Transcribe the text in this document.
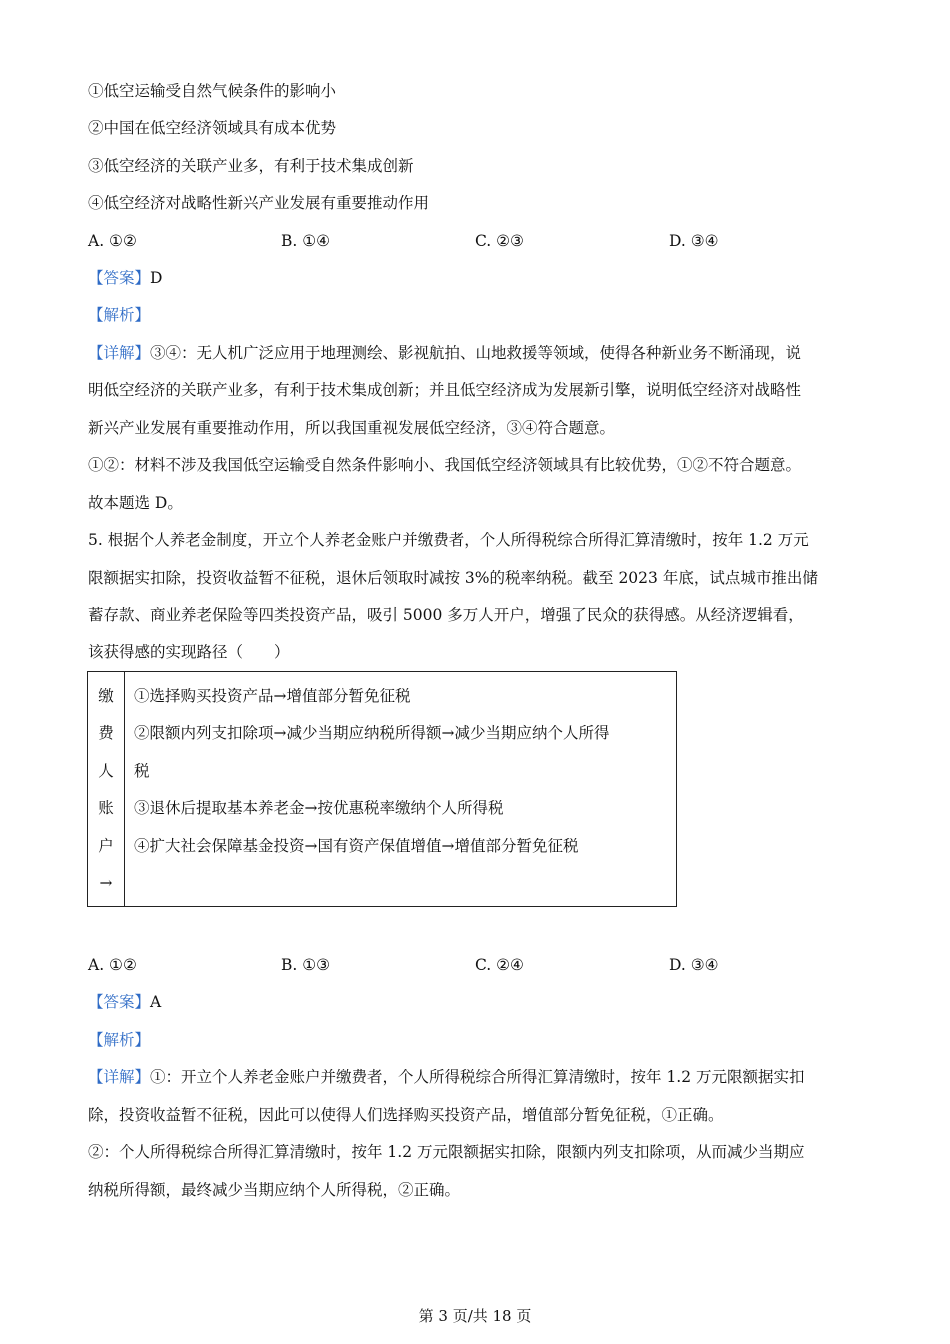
①低空运输受自然气候条件的影响小
②中国在低空经济领域具有成本优势
③低空经济的关联产业多，有利于技术集成创新
④低空经济对战略性新兴产业发展有重要推动作用
A. ①②	B. ①④	C. ②③	D. ③④
【答案】D
【解析】
【详解】③④：无人机广泛应用于地理测绘、影视航拍、山地救援等领域，使得各种新业务不断涌现，说
明低空经济的关联产业多，有利于技术集成创新；并且低空经济成为发展新引擎，说明低空经济对战略性
新兴产业发展有重要推动作用，所以我国重视发展低空经济，③④符合题意。
①②：材料不涉及我国低空运输受自然条件影响小、我国低空经济领域具有比较优势，①②不符合题意。
故本题选 D。
5. 根据个人养老金制度，开立个人养老金账户并缴费者，个人所得税综合所得汇算清缴时，按年 1.2 万元
限额据实扣除，投资收益暂不征税，退休后领取时减按 3%的税率纳税。截至 2023 年底，试点城市推出储
蓄存款、商业养老保险等四类投资产品，吸引 5000 多万人开户，增强了民众的获得感。从经济逻辑看，
该获得感的实现路径（　　）
缴
费
人
账
户
→
①选择购买投资产品→增值部分暂免征税
②限额内列支扣除项→减少当期应纳税所得额→减少当期应纳个人所得
税
③退休后提取基本养老金→按优惠税率缴纳个人所得税
④扩大社会保障基金投资→国有资产保值增值→增值部分暂免征税
A. ①②	B. ①③	C. ②④	D. ③④
【答案】A
【解析】
【详解】①：开立个人养老金账户并缴费者，个人所得税综合所得汇算清缴时，按年 1.2 万元限额据实扣
除，投资收益暂不征税，因此可以使得人们选择购买投资产品，增值部分暂免征税，①正确。
②：个人所得税综合所得汇算清缴时，按年 1.2 万元限额据实扣除，限额内列支扣除项，从而减少当期应
纳税所得额，最终减少当期应纳个人所得税，②正确。
第 3 页/共 18 页
